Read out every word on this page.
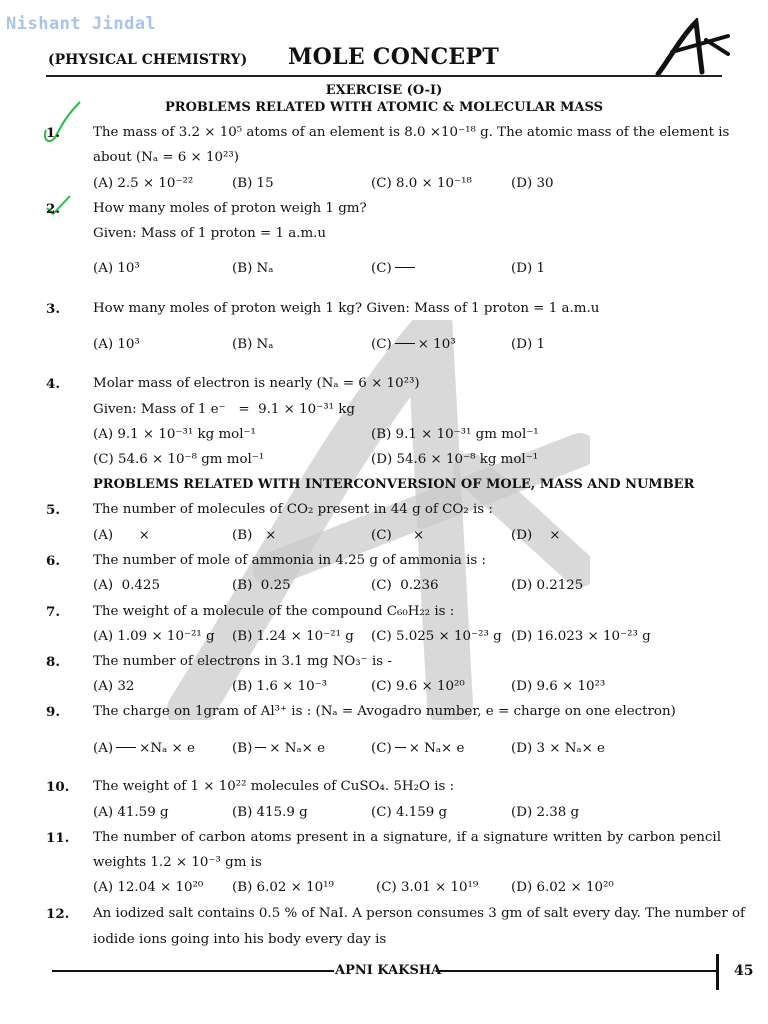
Nishant Jindal
(PHYSICAL CHEMISTRY) MOLE CONCEPT
EXERCISE (O-I)
PROBLEMS RELATED WITH ATOMIC & MOLECULAR MASS
1. The mass of 3.2 × 10⁵ atoms of an element is 8.0 ×10⁻¹⁸ g. The atomic mass of the element is
about (Nₐ = 6 × 10²³)
(A) 2.5 × 10⁻²²	(B) 15	(C) 8.0 × 10⁻¹⁸	(D) 30
2. How many moles of proton weigh 1 gm?
Given: Mass of 1 proton = 1 a.m.u
(A) 10³	(B) Nₐ	(C)	(D) 1
3. How many moles of proton weigh 1 kg? Given: Mass of 1 proton = 1 a.m.u
(A) 10³	(B) Nₐ	(C) × 10³	(D) 1
4. Molar mass of electron is nearly (Nₐ = 6 × 10²³)
Given: Mass of 1 e⁻   =  9.1 × 10⁻³¹ kg
(A) 9.1 × 10⁻³¹ kg mol⁻¹	(B) 9.1 × 10⁻³¹ gm mol⁻¹
(C) 54.6 × 10⁻⁸ gm mol⁻¹	(D) 54.6 × 10⁻⁸ kg mol⁻¹
PROBLEMS RELATED WITH INTERCONVERSION OF MOLE, MASS AND NUMBER
5. The number of molecules of CO₂ present in 44 g of CO₂ is :
(A) ×	(B) ×	(C) ×	(D) ×
6. The number of mole of ammonia in 4.25 g of ammonia is :
(A)  0.425	(B)  0.25	(C)  0.236	(D) 0.2125
7. The weight of a molecule of the compound C₆₀H₂₂ is :
(A) 1.09 × 10⁻²¹ g (B) 1.24 × 10⁻²¹ g (C) 5.025 × 10⁻²³ g (D) 16.023 × 10⁻²³ g
8. The number of electrons in 3.1 mg NO₃⁻ is -
(A) 32	(B) 1.6 × 10⁻³	(C) 9.6 × 10²⁰	(D) 9.6 × 10²³
9. The charge on 1gram of Al³⁺ is : (Nₐ = Avogadro number, e = charge on one electron)
(A) ×Nₐ × e	(B) × Nₐ× e	(C) × Nₐ× e	(D) 3 × Nₐ× e
10. The weight of 1 × 10²² molecules of CuSO₄. 5H₂O is :
(A) 41.59 g	(B) 415.9 g	(C) 4.159 g	(D) 2.38 g
11. The number of carbon atoms present in a signature, if a signature written by carbon pencil
weights 1.2 × 10⁻³ gm is
(A) 12.04 × 10²⁰ (B) 6.02 × 10¹⁹	(C) 3.01 × 10¹⁹ (D) 6.02 × 10²⁰
12. An iodized salt contains 0.5 % of NaI. A person consumes 3 gm of salt every day. The number of
iodide ions going into his body every day is
APNI KAKSHA	45
